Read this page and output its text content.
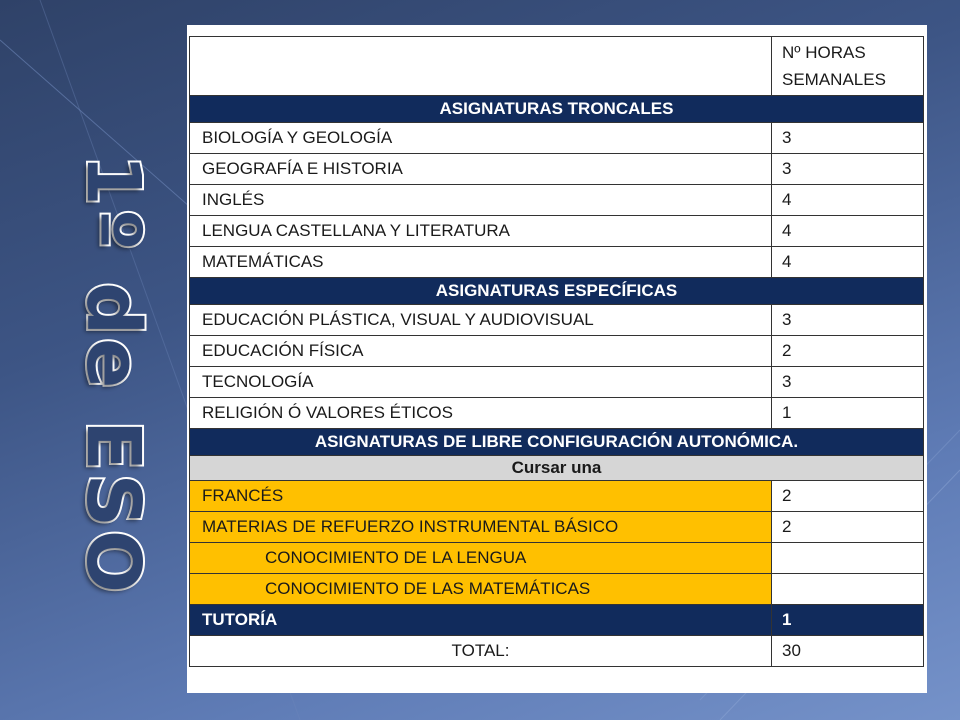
1º de ESO
	Nº HORAS SEMANALES
ASIGNATURAS TRONCALES	
BIOLOGÍA Y GEOLOGÍA	3
GEOGRAFÍA E HISTORIA	3
INGLÉS	4
LENGUA CASTELLANA Y LITERATURA	4
MATEMÁTICAS	4
ASIGNATURAS ESPECÍFICAS	
EDUCACIÓN PLÁSTICA, VISUAL Y AUDIOVISUAL	3
EDUCACIÓN FÍSICA	2
TECNOLOGÍA	3
RELIGIÓN Ó VALORES ÉTICOS	1
ASIGNATURAS DE LIBRE CONFIGURACIÓN AUTONÓMICA.	
Cursar una	
FRANCÉS	2
MATERIAS DE REFUERZO INSTRUMENTAL BÁSICO	2
CONOCIMIENTO DE LA LENGUA	
CONOCIMIENTO DE LAS MATEMÁTICAS	
TUTORÍA	1
TOTAL:	30
